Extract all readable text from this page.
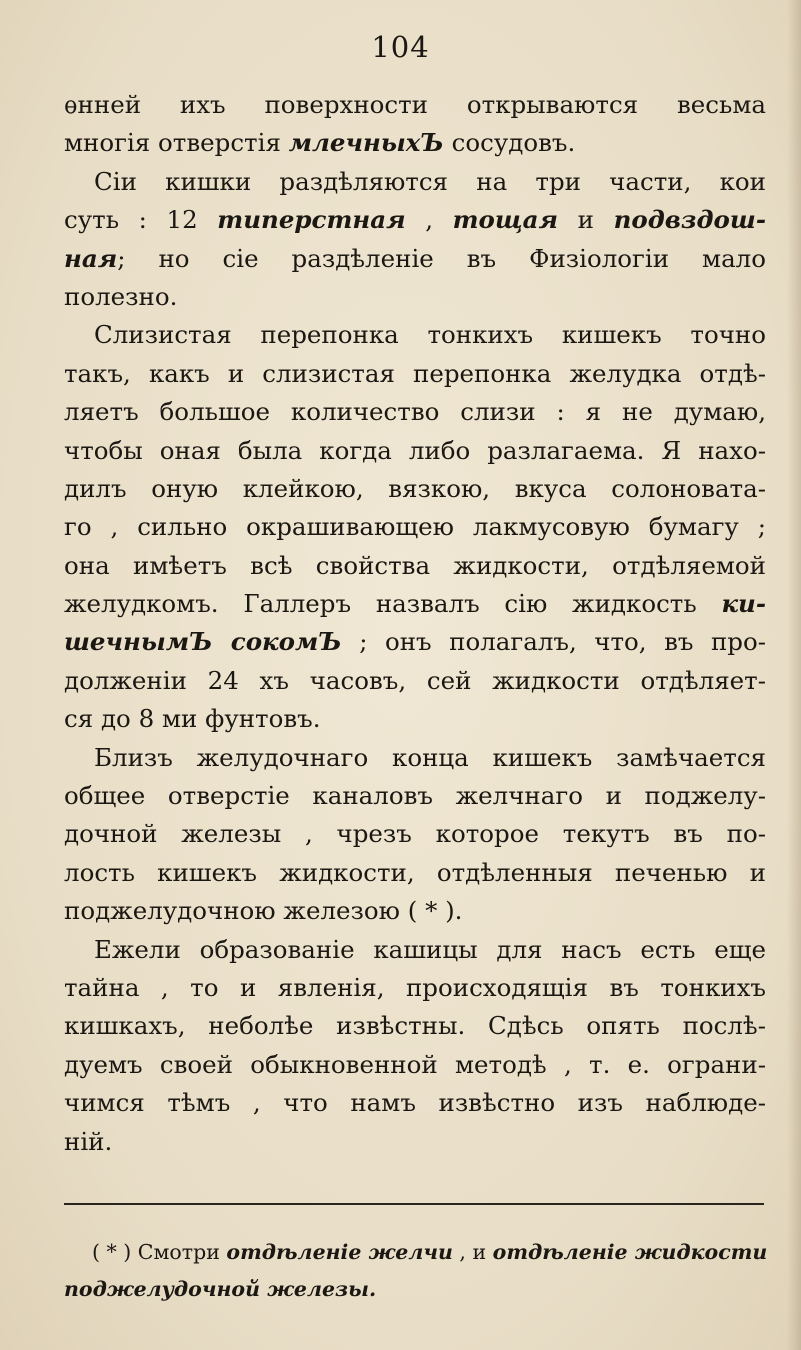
104
ѳнней ихъ поверхности открываются весьма
многія отверстія млечныхЪ сосудовъ.
Сіи кишки раздѣляются на три части, кои
суть : 12 типерстная , тощая и подвздош-
ная; но сіе раздѣленіе въ Физіологіи мало
полезно.
Слизистая перепонка тонкихъ кишекъ точно
такъ, какъ и слизистая перепонка желудка отдѣ-
ляетъ большое количество слизи : я не думаю,
чтобы оная была когда либо разлагаема. Я нахо-
дилъ оную клейкою, вязкою, вкуса солоновата-
го , сильно окрашивающею лакмусовую бумагу ;
она имѣетъ всѣ свойства жидкости, отдѣляемой
желудкомъ. Галлеръ назвалъ сію жидкость ки-
шечнымЪ сокомЪ ; онъ полагалъ, что, въ про-
долженіи 24 хъ часовъ, сей жидкости отдѣляет-
ся до 8 ми фунтовъ.
Близъ желудочнаго конца кишекъ замѣчается
общее отверстіе каналовъ желчнаго и поджелу-
дочной железы , чрезъ которое текутъ въ по-
лость кишекъ жидкости, отдѣленныя печенью и
поджелудочною железою ( * ).
Ежели образованіе кашицы для насъ есть еще
тайна , то и явленія, происходящія въ тонкихъ
кишкахъ, неболѣе извѣстны. Сдѣсь опять послѣ-
дуемъ своей обыкновенной методѣ , т. е. ограни-
чимся тѣмъ , что намъ извѣстно изъ наблюде-
ній.
( * ) Смотри отдѣленіе желчи , и отдѣленіе жидкости
поджелудочной железы.
